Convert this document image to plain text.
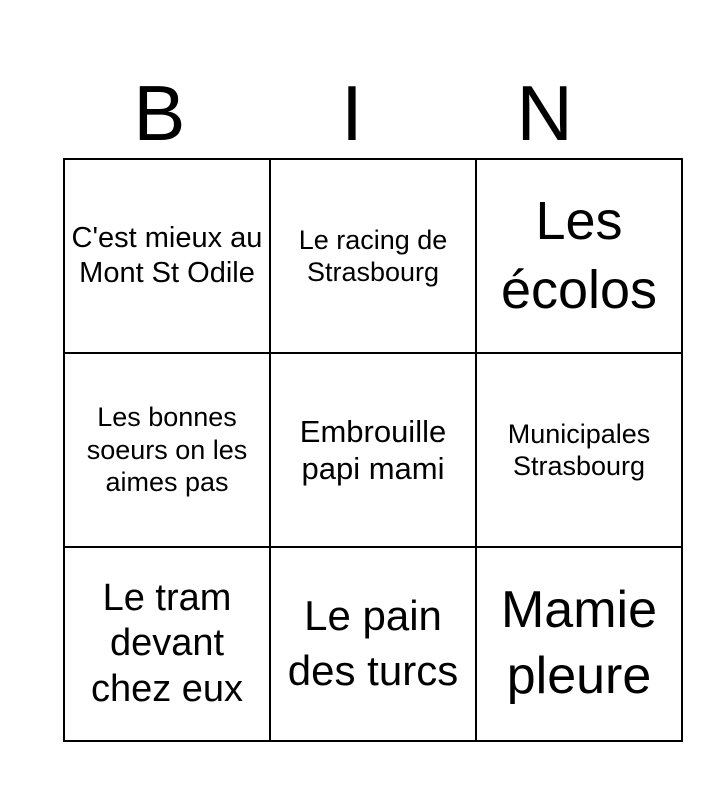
B	I	N
C'est mieux au Mont St Odile	Le racing de Strasbourg	Les écolos
Les bonnes soeurs on les aimes pas	Embrouille papi mami	Municipales Strasbourg
Le tram devant chez eux	Le pain des turcs	Mamie pleure
